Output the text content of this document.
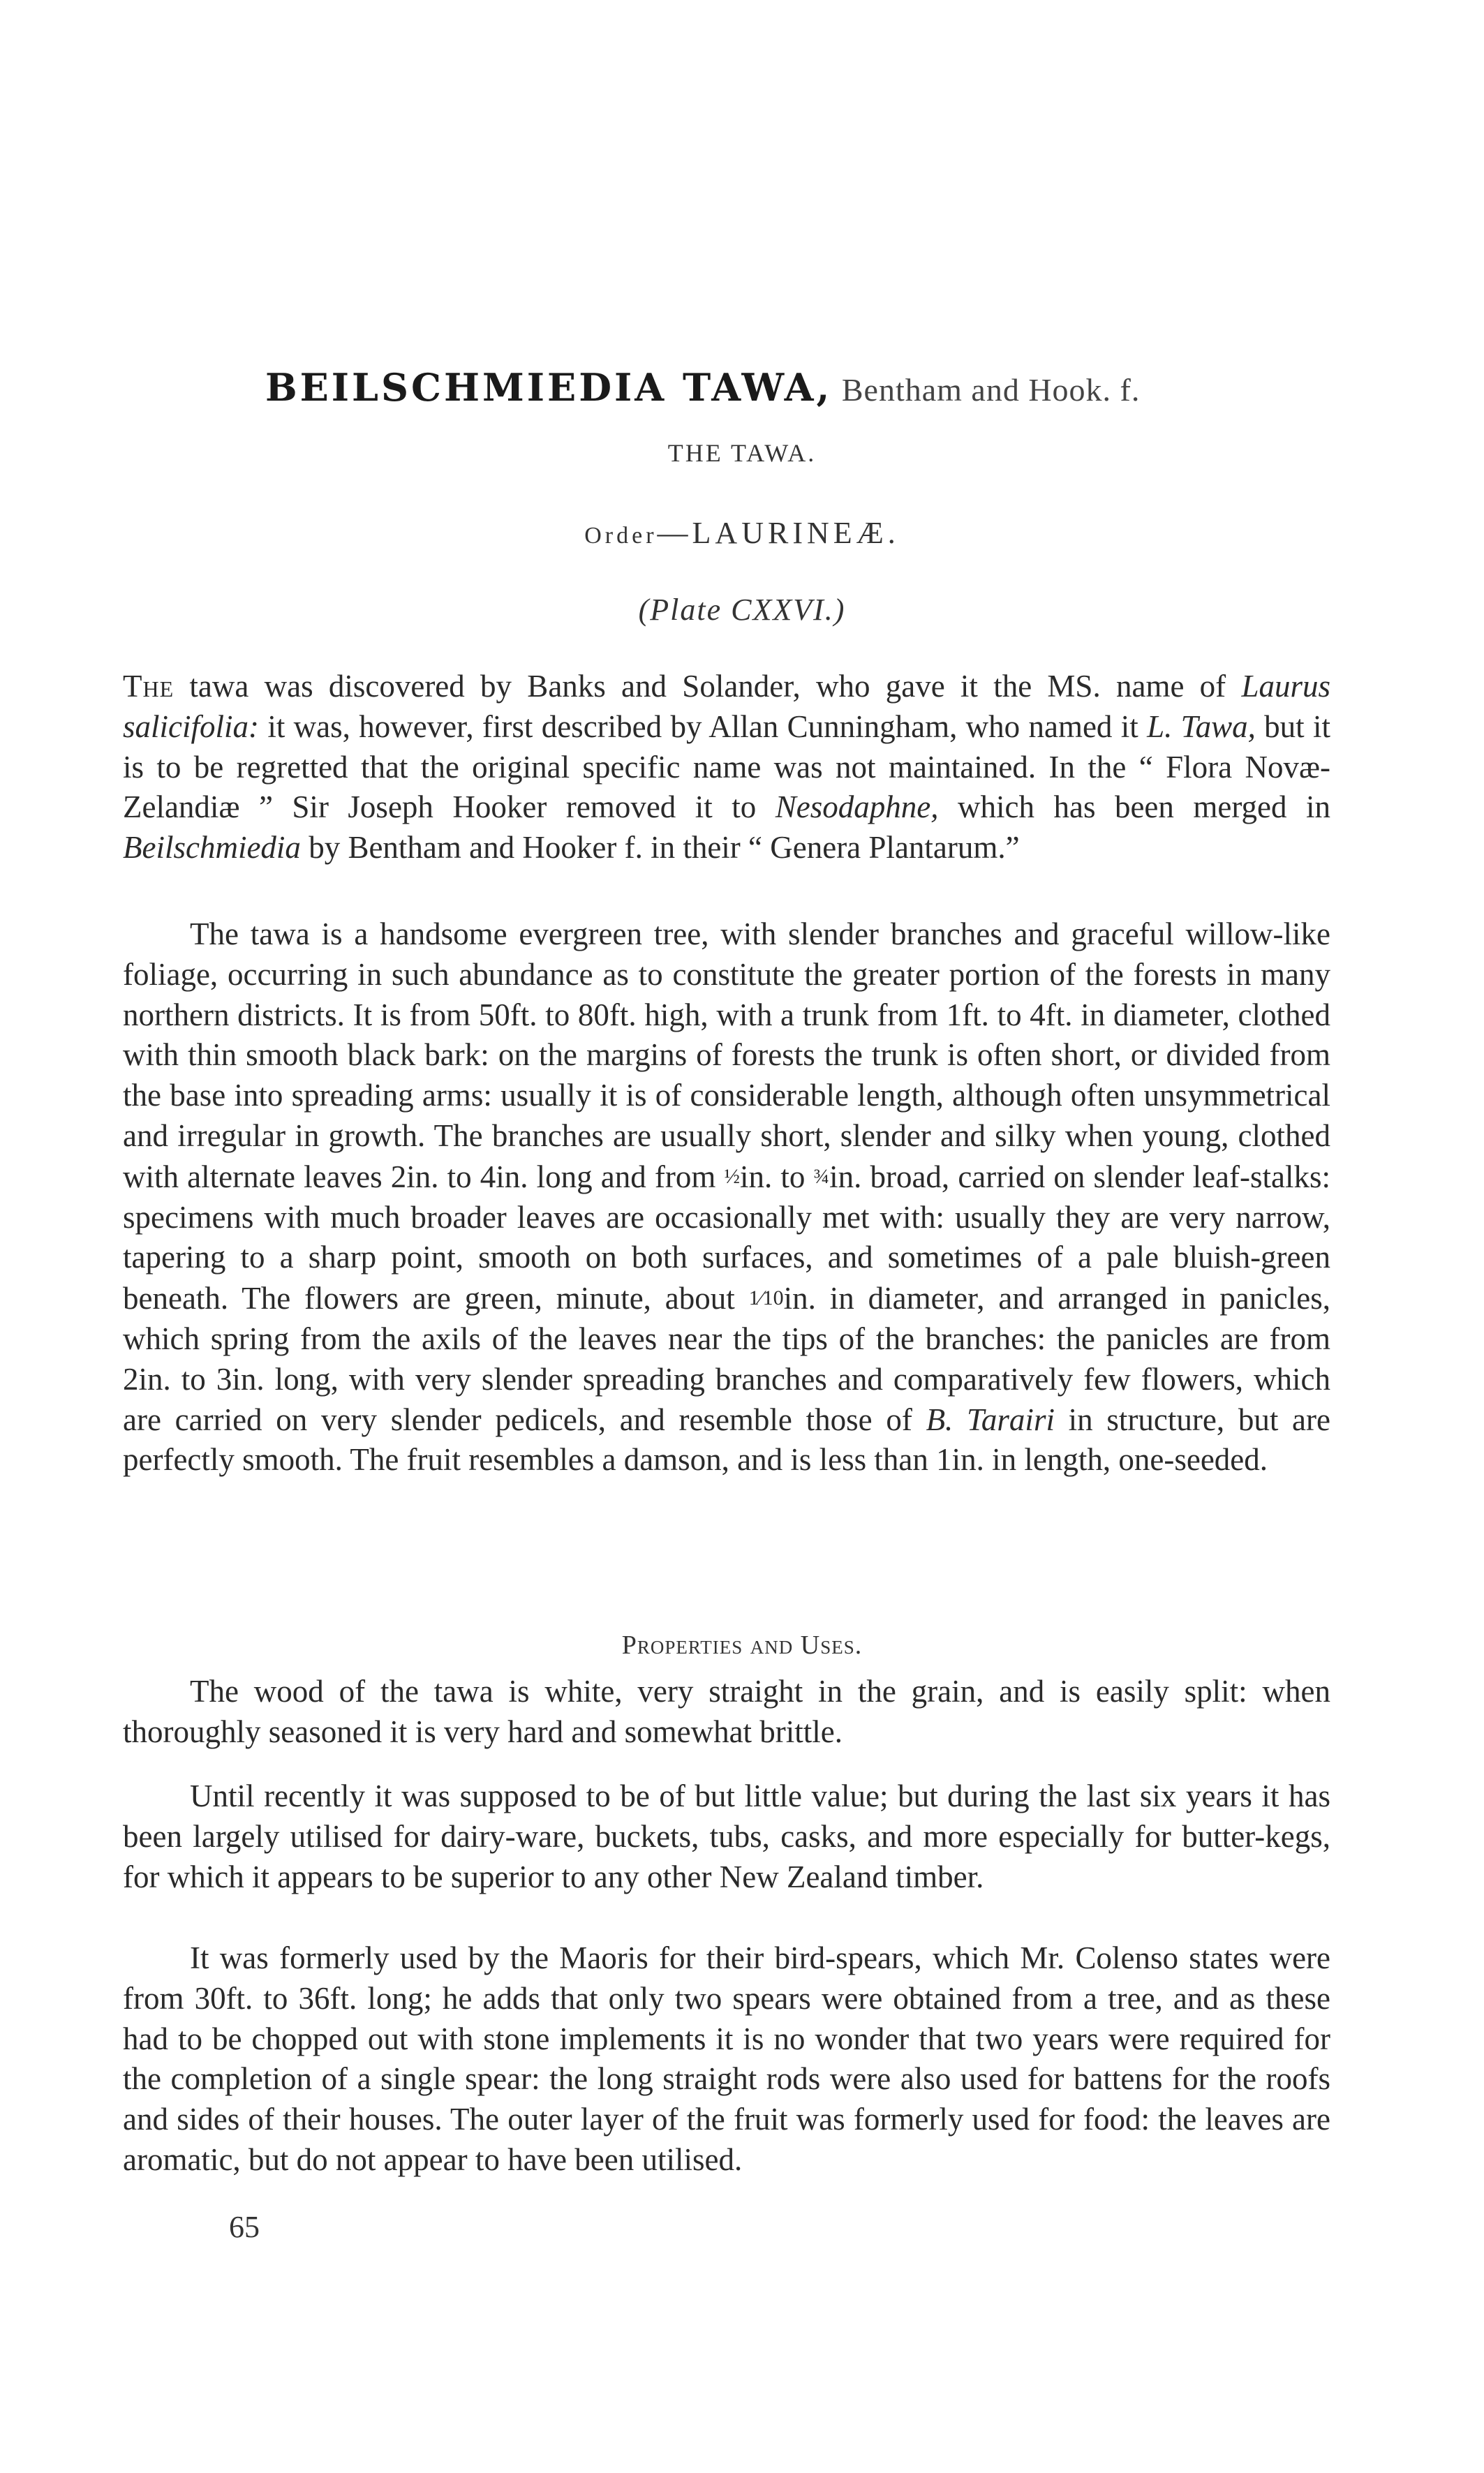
BEILSCHMIEDIA TAWA, Bentham and Hook. f.
THE TAWA.
Order—LAURINEÆ.
(Plate CXXVI.)

The tawa was discovered by Banks and Solander, who gave it the MS. name of Laurus salicifolia: it was, however, first described by Allan Cunningham, who named it L. Tawa, but it is to be regretted that the original specific name was not maintained. In the “ Flora Novæ-Zelandiæ ” Sir Joseph Hooker removed it to Nesodaphne, which has been merged in Beilschmiedia by Bentham and Hooker f. in their “ Genera Plantarum.”

The tawa is a handsome evergreen tree, with slender branches and graceful willow-like foliage, occurring in such abundance as to constitute the greater portion of the forests in many northern districts. It is from 50ft. to 80ft. high, with a trunk from 1ft. to 4ft. in diameter, clothed with thin smooth black bark: on the margins of forests the trunk is often short, or divided from the base into spreading arms: usually it is of considerable length, although often unsymmetrical and irregular in growth. The branches are usually short, slender and silky when young, clothed with alternate leaves 2in. to 4in. long and from ½in. to ¾in. broad, carried on slender leaf-stalks: specimens with much broader leaves are occasionally met with: usually they are very narrow, tapering to a sharp point, smooth on both surfaces, and sometimes of a pale bluish-green beneath. The flowers are green, minute, about 1⁄10in. in diameter, and arranged in panicles, which spring from the axils of the leaves near the tips of the branches: the panicles are from 2in. to 3in. long, with very slender spreading branches and comparatively few flowers, which are carried on very slender pedicels, and resemble those of B. Tarairi in structure, but are perfectly smooth. The fruit resembles a damson, and is less than 1in. in length, one-seeded.

Properties and Uses.

The wood of the tawa is white, very straight in the grain, and is easily split: when thoroughly seasoned it is very hard and somewhat brittle.

Until recently it was supposed to be of but little value; but during the last six years it has been largely utilised for dairy-ware, buckets, tubs, casks, and more especially for butter-kegs, for which it appears to be superior to any other New Zealand timber.

It was formerly used by the Maoris for their bird-spears, which Mr. Colenso states were from 30ft. to 36ft. long; he adds that only two spears were obtained from a tree, and as these had to be chopped out with stone implements it is no wonder that two years were required for the completion of a single spear: the long straight rods were also used for battens for the roofs and sides of their houses. The outer layer of the fruit was formerly used for food: the leaves are aromatic, but do not appear to have been utilised.

65
